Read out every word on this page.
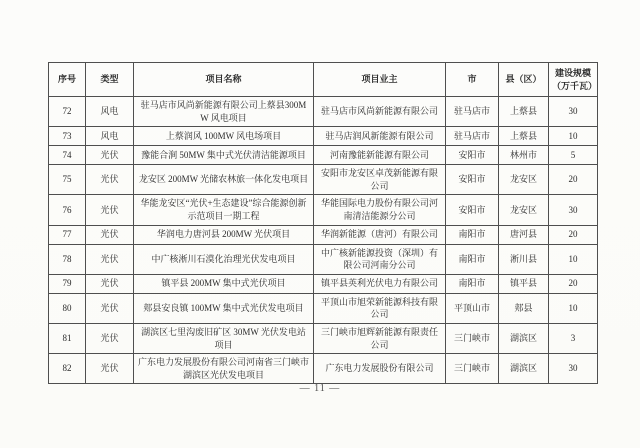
序号	类型	项目名称	项目业主	市	县（区）	建设规模
（万千瓦）

72	风电	驻马店市风尚新能源有限公司上蔡县300MW 风电项目	驻马店市风尚新能源有限公司	驻马店市	上蔡县	30
73	风电	上蔡润风 100MW 风电场项目	驻马店润风新能源有限公司	驻马店市	上蔡县	10
74	光伏	豫能合涧 50MW 集中式光伏清洁能源项目	河南豫能新能源有限公司	安阳市	林州市	5
75	光伏	龙安区 200MW 光储农林旅一体化发电项目	安阳市龙安区卓茂新能源有限公司	安阳市	龙安区	20
76	光伏	华能龙安区“光伏+生态建设”综合能源创新示范项目一期工程	华能国际电力股份有限公司河南清洁能源分公司	安阳市	龙安区	30
77	光伏	华润电力唐河县 200MW 光伏项目	华润新能源（唐河）有限公司	南阳市	唐河县	20
78	光伏	中广核淅川石漠化治理光伏发电项目	中广核新能源投资（深圳）有限公司河南分公司	南阳市	淅川县	10
79	光伏	镇平县 200MW 集中式光伏项目	镇平县英利光伏电力有限公司	南阳市	镇平县	20
80	光伏	郏县安良镇 100MW 集中式光伏发电项目	平顶山市旭荣新能源科技有限公司	平顶山市	郏县	10
81	光伏	湖滨区七里沟废旧矿区 30MW 光伏发电站项目	三门峡市旭辉新能源有限责任公司	三门峡市	湖滨区	3
82	光伏	广东电力发展股份有限公司河南省三门峡市湖滨区光伏发电项目	广东电力发展股份有限公司	三门峡市	湖滨区	30
— 11 —
